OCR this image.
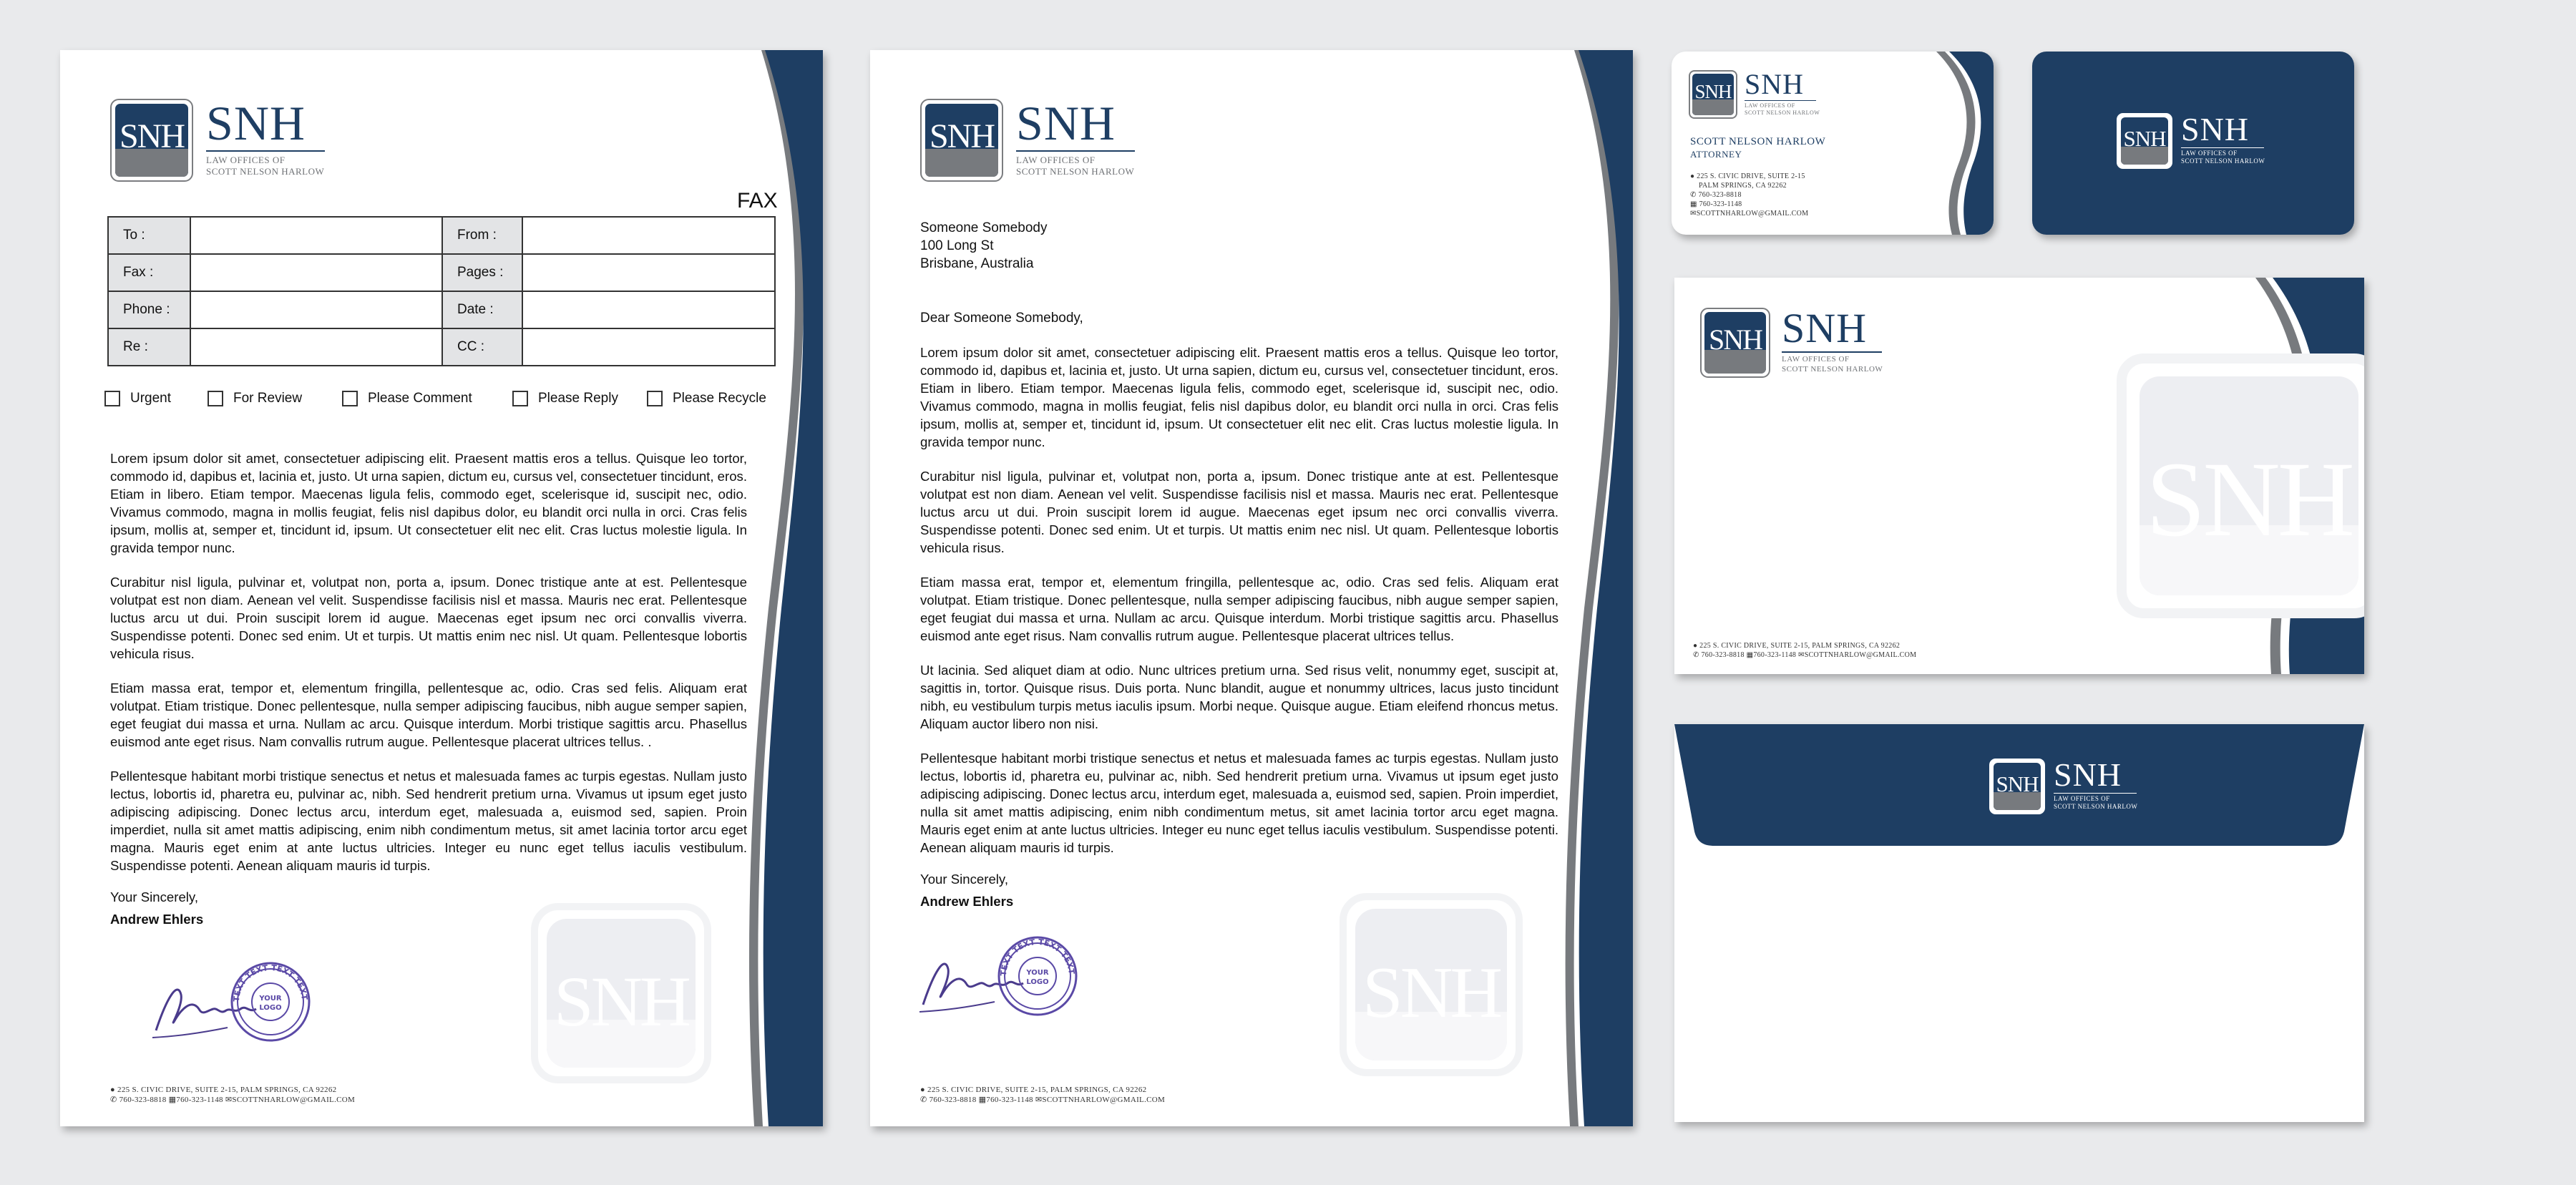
SNH SNH
LAW OFFICES OF
SCOTT NELSON HARLOW
FAX
To :		From :	
Fax :		Pages :	
Phone :		Date :	
Re :		CC :	
Urgent	For Review	Please Comment	Please Reply	Please Recycle
SNH

Lorem ipsum dolor sit amet, consectetuer adipiscing elit. Praesent mattis eros a tellus. Quisque leo tortor, commodo id, dapibus et, lacinia et, justo. Ut urna sapien, dictum eu, cursus vel, consectetuer tincidunt, eros. Etiam in libero. Etiam tempor. Maecenas ligula felis, commodo eget, scelerisque id, suscipit nec, odio. Vivamus commodo, magna in mollis feugiat, felis nisl dapibus dolor, eu blandit orci nulla in orci. Cras felis ipsum, mollis at, semper et, tincidunt id, ipsum. Ut consectetuer elit nec elit. Cras luctus molestie ligula. In gravida tempor nunc.

Curabitur nisl ligula, pulvinar et, volutpat non, porta a, ipsum. Donec tristique ante at est. Pellentesque volutpat est non diam. Aenean vel velit. Suspendisse facilisis nisl et massa. Mauris nec erat. Pellentesque luctus arcu ut dui. Proin suscipit lorem id augue. Maecenas eget ipsum nec orci convallis viverra. Suspendisse potenti. Donec sed enim. Ut et turpis. Ut mattis enim nec nisl. Ut quam. Pellentesque lobortis vehicula risus.

Etiam massa erat, tempor et, elementum fringilla, pellentesque ac, odio. Cras sed felis. Aliquam erat volutpat. Etiam tristique. Donec pellentesque, nulla semper adipiscing faucibus, nibh augue semper sapien, eget feugiat dui massa et urna. Nullam ac arcu. Quisque interdum. Morbi tristique sagittis arcu. Phasellus euismod ante eget risus. Nam convallis rutrum augue. Pellentesque placerat ultrices tellus. .

Pellentesque habitant morbi tristique senectus et netus et malesuada fames ac turpis egestas. Nullam justo lectus, lobortis id, pharetra eu, pulvinar ac, nibh. Sed hendrerit pretium urna. Vivamus ut ipsum eget justo adipiscing adipiscing. Donec lectus arcu, interdum eget, malesuada a, euismod sed, sapien. Proin imperdiet, nulla sit amet mattis adipiscing, enim nibh condimentum metus, sit amet lacinia tortor arcu eget magna. Mauris eget enim at ante luctus ultricies. Integer eu nunc eget tellus iaculis vestibulum. Suspendisse potenti. Aenean aliquam mauris id turpis.

Your Sincerely,
Andrew Ehlers
TEXT TEXT TEXT TEXT
YOUR
LOGO
● 225 S. CIVIC DRIVE, SUITE 2-15, PALM SPRINGS, CA 92262
✆ 760-323-8818 ▦760-323-1148 ✉SCOTTNHARLOW@GMAIL.COM
SNH SNH
LAW OFFICES OF
SCOTT NELSON HARLOW
Someone Somebody
100 Long St
Brisbane, Australia
Dear Someone Somebody,
SNH

Lorem ipsum dolor sit amet, consectetuer adipiscing elit. Praesent mattis eros a tellus. Quisque leo tortor, commodo id, dapibus et, lacinia et, justo. Ut urna sapien, dictum eu, cursus vel, consectetuer tincidunt, eros. Etiam in libero. Etiam tempor. Maecenas ligula felis, commodo eget, scelerisque id, suscipit nec, odio. Vivamus commodo, magna in mollis feugiat, felis nisl dapibus dolor, eu blandit orci nulla in orci. Cras felis ipsum, mollis at, semper et, tincidunt id, ipsum. Ut consectetuer elit nec elit. Cras luctus molestie ligula. In gravida tempor nunc.

Curabitur nisl ligula, pulvinar et, volutpat non, porta a, ipsum. Donec tristique ante at est. Pellentesque volutpat est non diam. Aenean vel velit. Suspendisse facilisis nisl et massa. Mauris nec erat. Pellentesque luctus arcu ut dui. Proin suscipit lorem id augue. Maecenas eget ipsum nec orci convallis viverra. Suspendisse potenti. Donec sed enim. Ut et turpis. Ut mattis enim nec nisl. Ut quam. Pellentesque lobortis vehicula risus.

Etiam massa erat, tempor et, elementum fringilla, pellentesque ac, odio. Cras sed felis. Aliquam erat volutpat. Etiam tristique. Donec pellentesque, nulla semper adipiscing faucibus, nibh augue semper sapien, eget feugiat dui massa et urna. Nullam ac arcu. Quisque interdum. Morbi tristique sagittis arcu. Phasellus euismod ante eget risus. Nam convallis rutrum augue. Pellentesque placerat ultrices tellus.

Ut lacinia. Sed aliquet diam at odio. Nunc ultrices pretium urna. Sed risus velit, nonummy eget, suscipit at, sagittis in, tortor. Quisque risus. Duis porta. Nunc blandit, augue et nonummy ultrices, lacus justo tincidunt nibh, eu vestibulum turpis metus iaculis ipsum. Morbi neque. Quisque augue. Etiam eleifend rhoncus metus. Aliquam auctor libero non nisi.

Pellentesque habitant morbi tristique senectus et netus et malesuada fames ac turpis egestas. Nullam justo lectus, lobortis id, pharetra eu, pulvinar ac, nibh. Sed hendrerit pretium urna. Vivamus ut ipsum eget justo adipiscing adipiscing. Donec lectus arcu, interdum eget, malesuada a, euismod sed, sapien. Proin imperdiet, nulla sit amet mattis adipiscing, enim nibh condimentum metus, sit amet lacinia tortor arcu eget magna. Mauris eget enim at ante luctus ultricies. Integer eu nunc eget tellus iaculis vestibulum. Suspendisse potenti. Aenean aliquam mauris id turpis.

Your Sincerely,
Andrew Ehlers
TEXT TEXT TEXT TEXT
YOUR
LOGO
● 225 S. CIVIC DRIVE, SUITE 2-15, PALM SPRINGS, CA 92262
✆ 760-323-8818 ▦760-323-1148 ✉SCOTTNHARLOW@GMAIL.COM
SNH SNH
LAW OFFICES OF
SCOTT NELSON HARLOW
SCOTT NELSON HARLOW
ATTORNEY
● 225 S. CIVIC DRIVE, SUITE 2-15
PALM SPRINGS, CA 92262
✆ 760-323-8818
▦ 760-323-1148
✉SCOTTNHARLOW@GMAIL.COM
SNH SNH
LAW OFFICES OF
SCOTT NELSON HARLOW
SNH
SNH SNH
LAW OFFICES OF
SCOTT NELSON HARLOW
● 225 S. CIVIC DRIVE, SUITE 2-15, PALM SPRINGS, CA 92262
✆ 760-323-8818 ▦760-323-1148 ✉SCOTTNHARLOW@GMAIL.COM
SNH SNH
LAW OFFICES OF
SCOTT NELSON HARLOW
